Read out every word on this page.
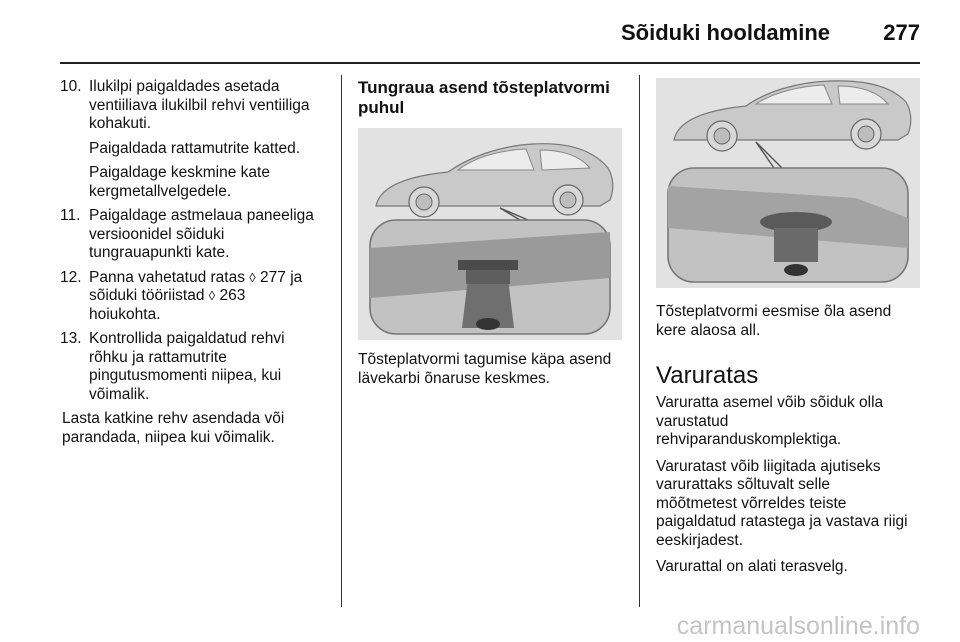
Sõiduki hooldamine 277
10. Ilukilpi paigaldades asetada
ventiiliava ilukilbil rehvi ventiiliga
kohakuti.
Paigaldada rattamutrite katted.
Paigaldage keskmine kate
kergmetallvelgedele.
11. Paigaldage astmelaua paneeliga
versioonidel sõiduki
tungrauapunkti kate.
12. Panna vahetatud ratas ◊ 277 ja
sõiduki tööriistad ◊ 263
hoiukohta.
13. Kontrollida paigaldatud rehvi
rõhku ja rattamutrite
pingutusmomenti niipea, kui
võimalik.
Lasta katkine rehv asendada või
parandada, niipea kui võimalik.
Tungraua asend tõsteplatvormi
puhul
Tõsteplatvormi tagumise käpa asend
lävekarbi õnaruse keskmes.
Tõsteplatvormi eesmise õla asend
kere alaosa all.
Varuratas
Varuratta asemel võib sõiduk olla
varustatud
rehviparanduskomplektiga.
Varuratast võib liigitada ajutiseks
varurattaks sõltuvalt selle
mõõtmetest võrreldes teiste
paigaldatud ratastega ja vastava riigi
eeskirjadest.
Varurattal on alati terasvelg.
carmanualsonline.info
